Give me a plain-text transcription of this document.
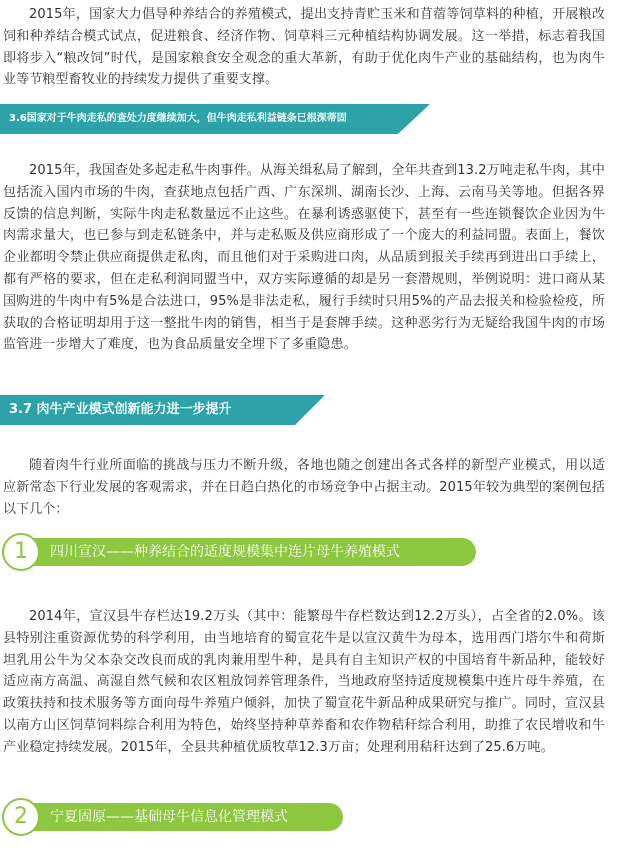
2015年，国家大力倡导种养结合的养殖模式，提出支持青贮玉米和苜蓿等饲草料的种植，开展粮改饲和种养结合模式试点，促进粮食、经济作物、饲草料三元种植结构协调发展。这一举措，标志着我国即将步入“粮改饲”时代，是国家粮食安全观念的重大革新，有助于优化肉牛产业的基础结构，也为肉牛业等节粮型畜牧业的持续发力提供了重要支撑。

3.6国家对于牛肉走私的查处力度继续加大，但牛肉走私利益链条已根深蒂固

2015年，我国查处多起走私牛肉事件。从海关缉私局了解到，全年共查到13.2万吨走私牛肉，其中包括流入国内市场的牛肉，查获地点包括广西、广东深圳、湖南长沙、上海、云南马关等地。但据各界反馈的信息判断，实际牛肉走私数量远不止这些。在暴利诱惑驱使下，甚至有一些连锁餐饮企业因为牛肉需求量大，也已参与到走私链条中，并与走私贩及供应商形成了一个庞大的利益同盟。表面上，餐饮企业都明令禁止供应商提供走私肉，而且他们对于采购进口肉，从品质到报关手续再到进出口手续上，都有严格的要求，但在走私利润同盟当中，双方实际遵循的却是另一套潜规则，举例说明：进口商从某国购进的牛肉中有5%是合法进口，95%是非法走私，履行手续时只用5%的产品去报关和检验检疫，所获取的合格证明却用于这一整批牛肉的销售，相当于是套牌手续。这种恶劣行为无疑给我国牛肉的市场监管进一步增大了难度，也为食品质量安全埋下了多重隐患。

3.7 肉牛产业模式创新能力进一步提升

随着肉牛行业所面临的挑战与压力不断升级，各地也随之创建出各式各样的新型产业模式，用以适应新常态下行业发展的客观需求，并在日趋白热化的市场竞争中占据主动。2015年较为典型的案例包括以下几个：

1	四川宣汉——种养结合的适度规模集中连片母牛养殖模式

2014年，宣汉县牛存栏达19.2万头（其中：能繁母牛存栏数达到12.2万头），占全省的2.0%。该县特别注重资源优势的科学利用，由当地培育的蜀宣花牛是以宣汉黄牛为母本，选用西门塔尔牛和荷斯坦乳用公牛为父本杂交改良而成的乳肉兼用型牛种，是具有自主知识产权的中国培育牛新品种，能较好适应南方高温、高湿自然气候和农区粗放饲养管理条件，当地政府坚持适度规模集中连片母牛养殖，在政策扶持和技术服务等方面向母牛养殖户倾斜，加快了蜀宣花牛新品种成果研究与推广。同时，宣汉县以南方山区饲草饲料综合利用为特色，始终坚持种草养畜和农作物秸秆综合利用，助推了农民增收和牛产业稳定持续发展。2015年，全县共种植优质牧草12.3万亩；处理利用秸秆达到了25.6万吨。

2	宁夏固原——基础母牛信息化管理模式
